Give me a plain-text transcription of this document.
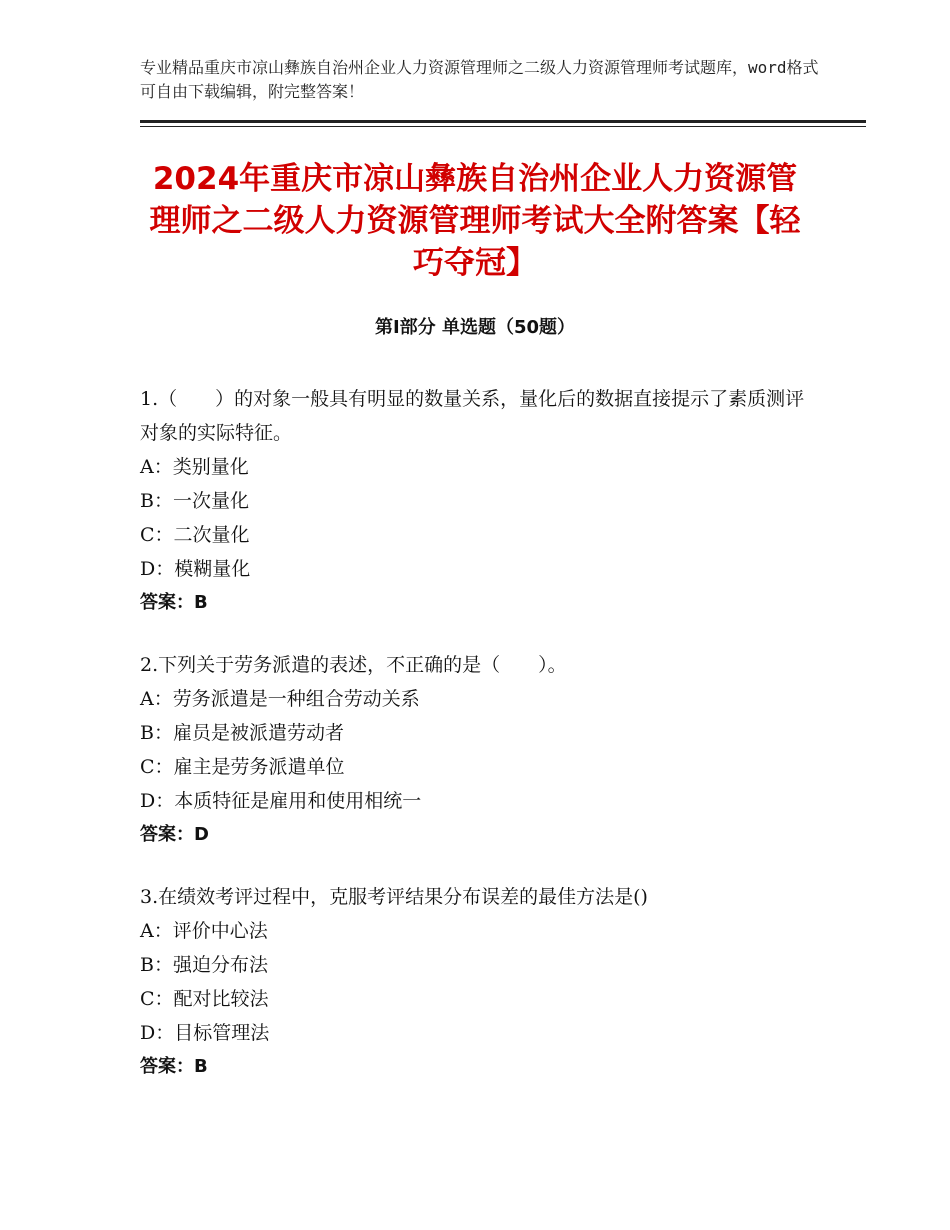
专业精品重庆市凉山彝族自治州企业人力资源管理师之二级人力资源管理师考试题库，word格式可自由下载编辑，附完整答案！
2024年重庆市凉山彝族自治州企业人力资源管理师之二级人力资源管理师考试大全附答案【轻巧夺冠】
第Ⅰ部分 单选题（50题）

1.（　　）的对象一般具有明显的数量关系，量化后的数据直接提示了素质测评对象的实际特征。

A：类别量化

B：一次量化

C：二次量化

D：模糊量化

答案：B

2.下列关于劳务派遣的表述，不正确的是（　　）。

A：劳务派遣是一种组合劳动关系

B：雇员是被派遣劳动者

C：雇主是劳务派遣单位

D：本质特征是雇用和使用相统一

答案：D

3.在绩效考评过程中，克服考评结果分布误差的最佳方法是()

A：评价中心法

B：强迫分布法

C：配对比较法

D：目标管理法

答案：B
